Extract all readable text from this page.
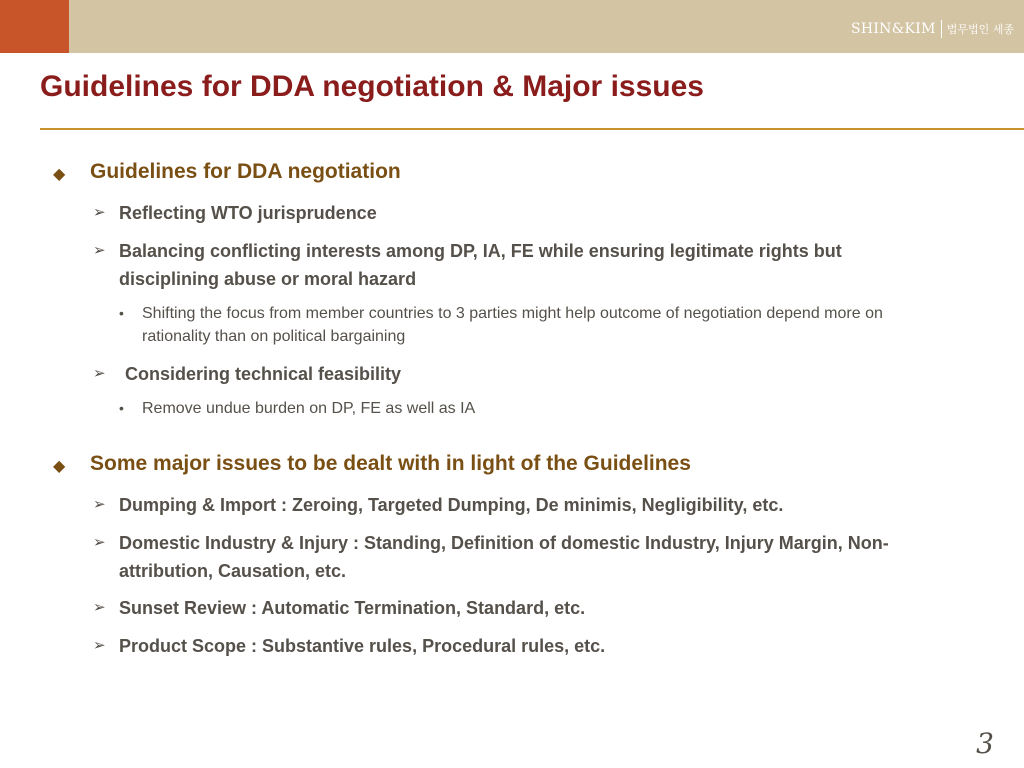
SHIN&KIM 법무법인 세종
Guidelines for DDA negotiation & Major issues

◆ Guidelines for DDA negotiation

➢ Reflecting WTO jurisprudence

➢ Balancing conflicting interests among DP, IA, FE while ensuring legitimate rights but disciplining abuse or moral hazard

• Shifting the focus from member countries to 3 parties might help outcome of negotiation depend more on rationality than on political bargaining

➢ Considering technical feasibility

• Remove undue burden on DP, FE as well as IA

◆ Some major issues to be dealt with in light of the Guidelines

➢ Dumping & Import : Zeroing, Targeted Dumping, De minimis, Negligibility, etc.

➢ Domestic Industry & Injury : Standing, Definition of domestic Industry, Injury Margin, Non-attribution, Causation, etc.

➢ Sunset Review : Automatic Termination, Standard, etc.

➢ Product Scope : Substantive rules, Procedural rules, etc.

3
